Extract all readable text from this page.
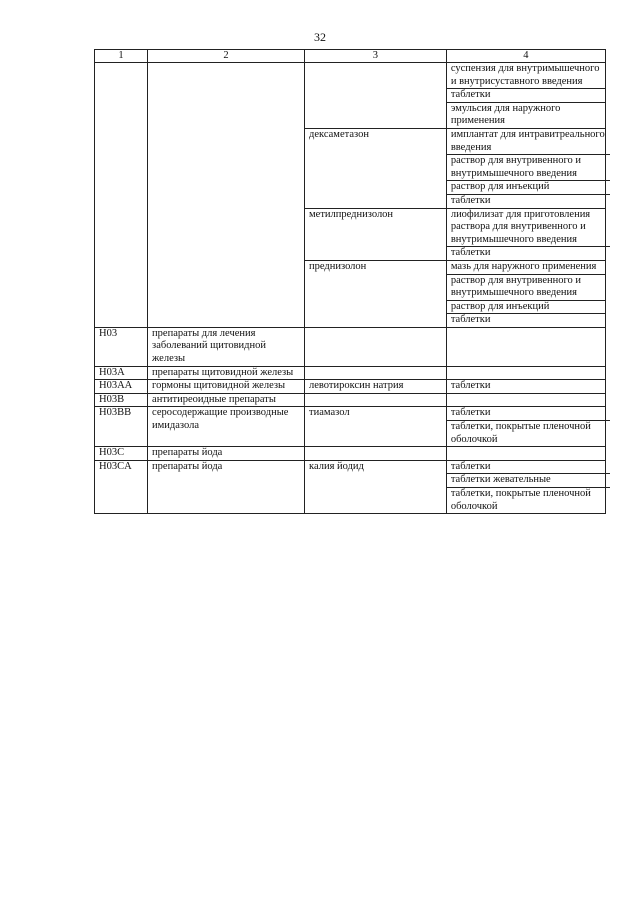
32
1	2	3	4

			суспензия для внутримышечного и внутрисуставного введения
таблетки
эмульсия для наружного применения

		дексаметазон	имплантат для интравитреального введения
раствор для внутривенного и внутримышечного введения
раствор для инъекций
таблетки

		метилпреднизолон	лиофилизат для приготовления раствора для внутривенного и внутримышечного введения
таблетки

		преднизолон	мазь для наружного применения
раствор для внутривенного и внутримышечного введения
раствор для инъекций
таблетки

H03	препараты для лечения заболеваний щитовидной железы		
H03A	препараты щитовидной железы		
H03AA	гормоны щитовидной железы	левотироксин натрия	таблетки

H03B	антитиреоидные препараты		
H03BB	серосодержащие производные имидазола	тиамазол	таблетки
таблетки, покрытые пленочной оболочкой

H03C	препараты йода		
H03CA	препараты йода	калия йодид	таблетки
таблетки жевательные
таблетки, покрытые пленочной оболочкой
